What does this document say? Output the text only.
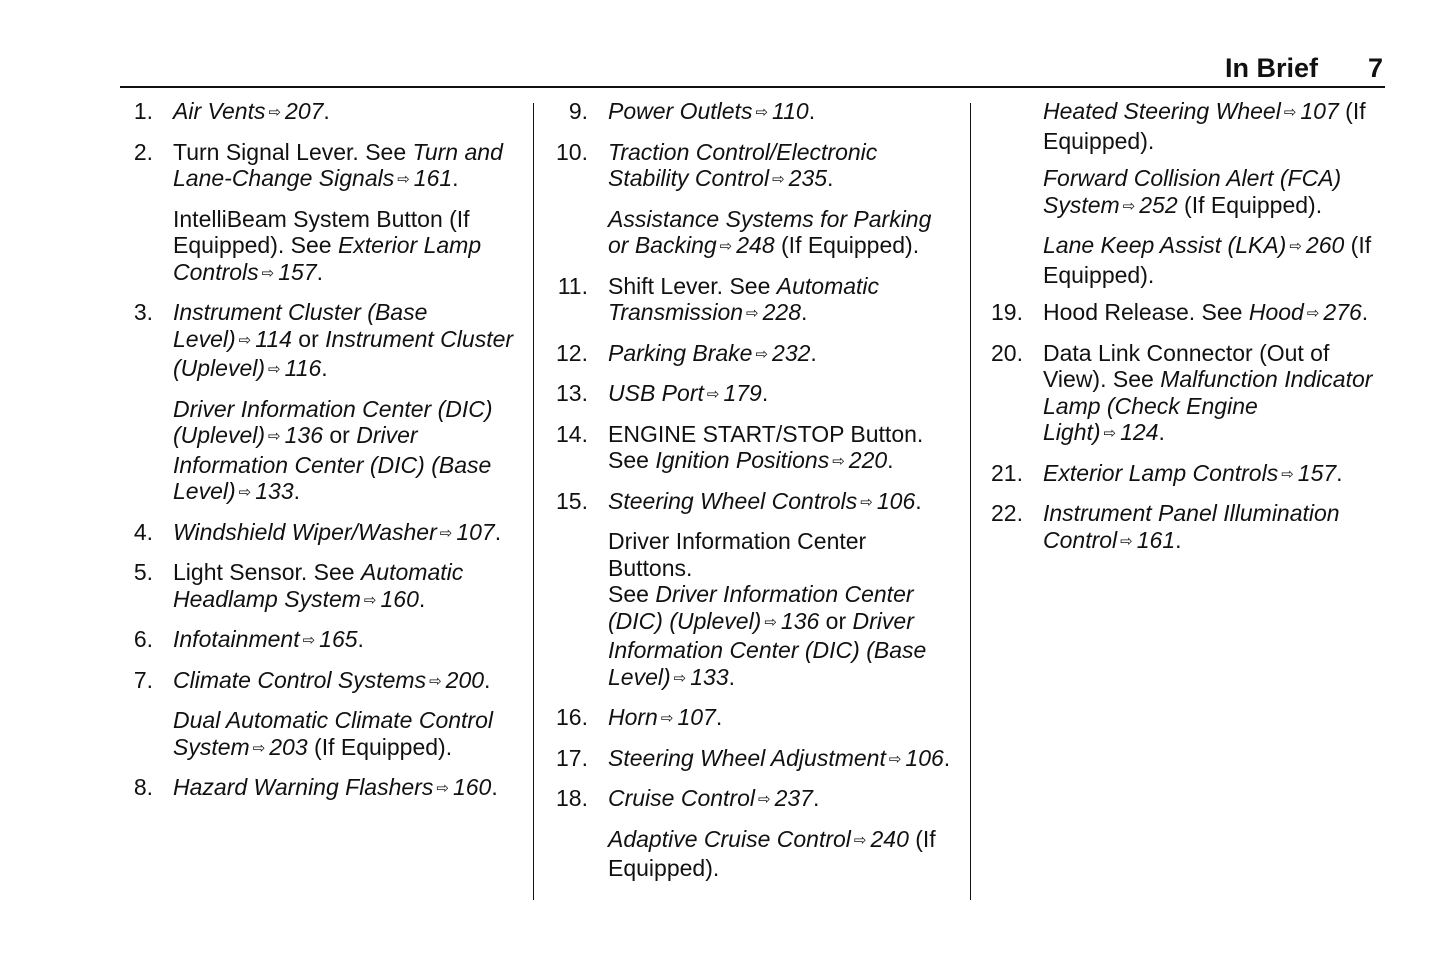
In Brief 7
1. Air Vents ⇨ 207.
2. Turn Signal Lever. See Turn and Lane-Change Signals ⇨ 161.
IntelliBeam System Button (If Equipped). See Exterior Lamp Controls ⇨ 157.
3. Instrument Cluster (Base Level) ⇨ 114 or Instrument Cluster (Uplevel) ⇨ 116.
Driver Information Center (DIC) (Uplevel) ⇨ 136 or Driver Information Center (DIC) (Base Level) ⇨ 133.
4. Windshield Wiper/Washer ⇨ 107.
5. Light Sensor. See Automatic Headlamp System ⇨ 160.
6. Infotainment ⇨ 165.
7. Climate Control Systems ⇨ 200.
Dual Automatic Climate Control System ⇨ 203 (If Equipped).
8. Hazard Warning Flashers ⇨ 160.
9. Power Outlets ⇨ 110.
10. Traction Control/Electronic Stability Control ⇨ 235.
Assistance Systems for Parking or Backing ⇨ 248 (If Equipped).
11. Shift Lever. See Automatic Transmission ⇨ 228.
12. Parking Brake ⇨ 232.
13. USB Port ⇨ 179.
14. ENGINE START/STOP Button. See Ignition Positions ⇨ 220.
15. Steering Wheel Controls ⇨ 106.
Driver Information Center Buttons.
See Driver Information Center (DIC) (Uplevel) ⇨ 136 or Driver Information Center (DIC) (Base Level) ⇨ 133.
16. Horn ⇨ 107.
17. Steering Wheel Adjustment ⇨ 106.
18. Cruise Control ⇨ 237.
Adaptive Cruise Control ⇨ 240 (If Equipped).
Heated Steering Wheel ⇨ 107 (If Equipped).
Forward Collision Alert (FCA) System ⇨ 252 (If Equipped).
Lane Keep Assist (LKA) ⇨ 260 (If Equipped).
19. Hood Release. See Hood ⇨ 276.
20. Data Link Connector (Out of View). See Malfunction Indicator Lamp (Check Engine Light) ⇨ 124.
21. Exterior Lamp Controls ⇨ 157.
22. Instrument Panel Illumination Control ⇨ 161.
